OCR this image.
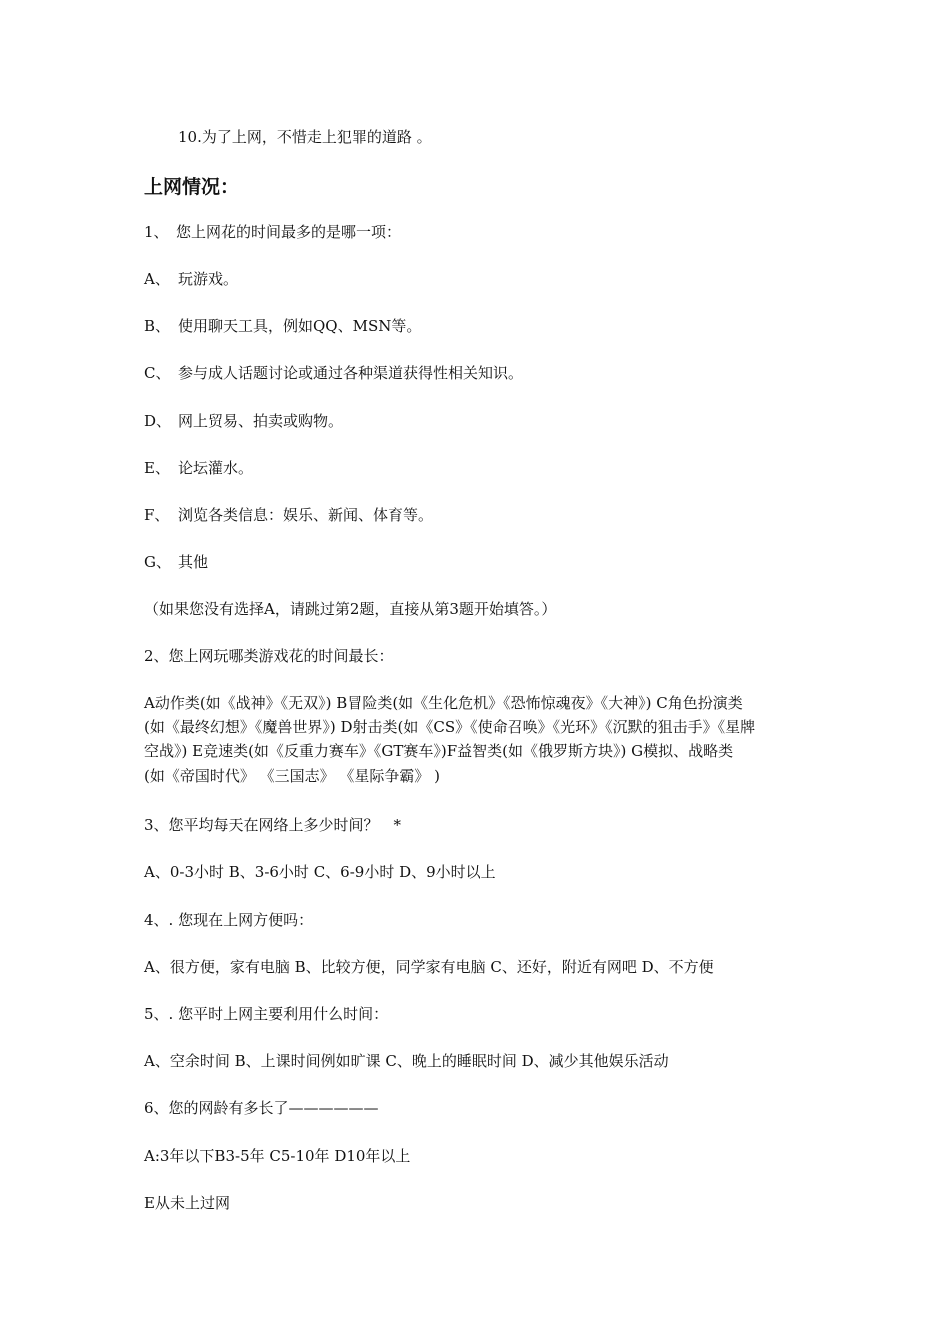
10.为了上网，不惜走上犯罪的道路 。
上网情况：
1、　您上网花的时间最多的是哪一项：
A、 玩游戏。
B、 使用聊天工具，例如QQ、MSN等。
C、 参与成人话题讨论或通过各种渠道获得性相关知识。
D、 网上贸易、拍卖或购物。
E、 论坛灌水。
F、 浏览各类信息：娱乐、新闻、体育等。
G、 其他
（如果您没有选择A，请跳过第2题，直接从第3题开始填答。）
2、您上网玩哪类游戏花的时间最长：
A动作类(如《战神》《无双》) B冒险类(如《生化危机》《恐怖惊魂夜》《大神》) C角色扮演类
(如《最终幻想》《魔兽世界》) D射击类(如《CS》《使命召唤》《光环》《沉默的狙击手》《星牌
空战》) E竞速类(如《反重力赛车》《GT赛车》)F益智类(如《俄罗斯方块》) G模拟、战略类
(如《帝国时代》 《三国志》 《星际争霸》 )
3、您平均每天在网络上多少时间？　*
A、0-3小时 B、3-6小时 C、6-9小时 D、9小时以上
4、. 您现在上网方便吗：
A、很方便，家有电脑 B、比较方便，同学家有电脑 C、还好，附近有网吧 D、不方便
5、. 您平时上网主要利用什么时间：
A、空余时间 B、上课时间例如旷课 C、晚上的睡眠时间 D、减少其他娱乐活动
6、您的网龄有多长了——————
A:3年以下B3-5年 C5-10年 D10年以上
E从未上过网
